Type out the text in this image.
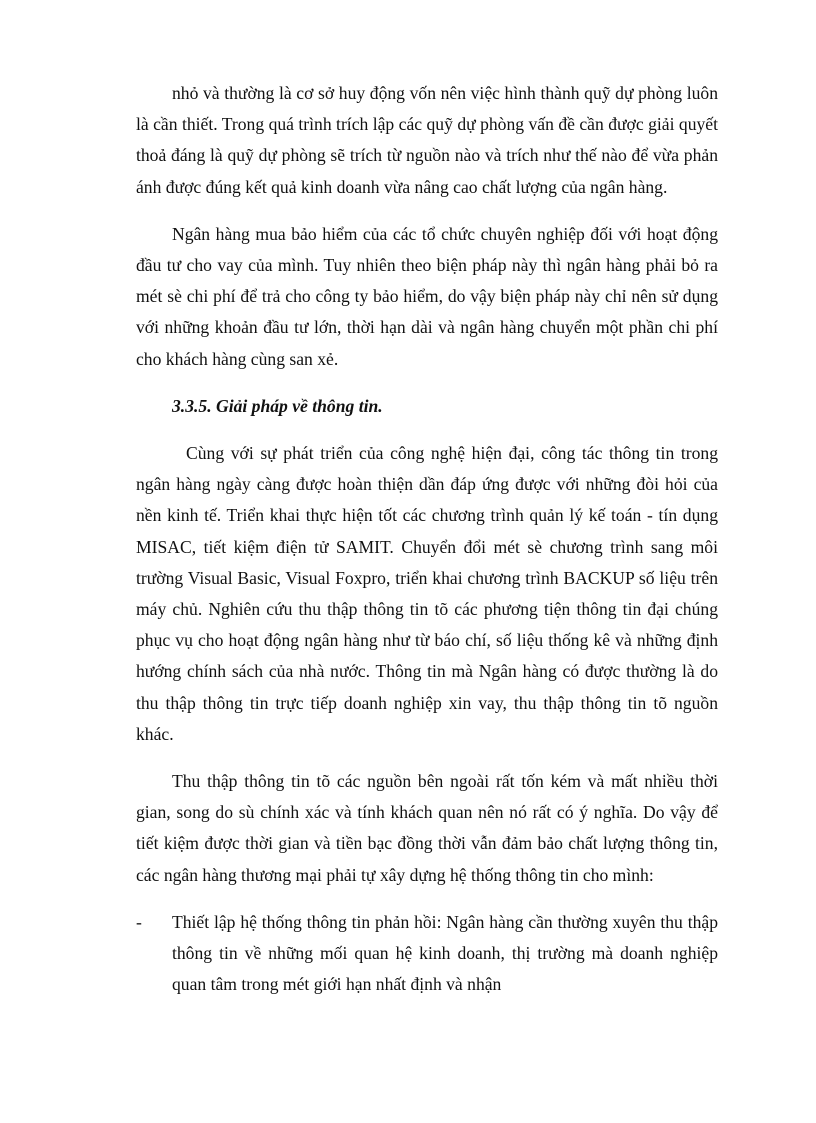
nhỏ và thường là cơ sở huy động vốn nên việc hình thành quỹ dự phòng luôn là cần thiết. Trong quá trình trích lập các quỹ dự phòng vấn đề cần được giải quyết thoả đáng là quỹ dự phòng sẽ trích từ nguồn nào và trích như thế nào để vừa phản ánh được đúng kết quả kinh doanh vừa nâng cao chất lượng của ngân hàng.

Ngân hàng mua bảo hiểm của các tổ chức chuyên nghiệp đối với hoạt động đầu tư cho vay của mình. Tuy nhiên theo biện pháp này thì ngân hàng phải bỏ ra mét sè chi phí để trả cho công ty bảo hiểm, do vậy biện pháp này chỉ nên sử dụng với những khoản đầu tư lớn, thời hạn dài và ngân hàng chuyển một phần chi phí cho khách hàng cùng san xẻ.

3.3.5. Giải pháp về thông tin.

Cùng với sự phát triển của công nghệ hiện đại, công tác thông tin trong ngân hàng ngày càng được hoàn thiện dần đáp ứng được với những đòi hỏi của nền kinh tế. Triển khai thực hiện tốt các chương trình quản lý kế toán - tín dụng MISAC, tiết kiệm điện tử SAMIT. Chuyển đổi mét sè chương trình sang môi trường Visual Basic, Visual Foxpro, triển khai chương trình BACKUP số liệu trên máy chủ. Nghiên cứu thu thập thông tin tõ các phương tiện thông tin đại chúng phục vụ cho hoạt động ngân hàng như từ báo chí, số liệu thống kê và những định hướng chính sách của nhà nước. Thông tin mà Ngân hàng có được thường là do thu thập thông tin trực tiếp doanh nghiệp xin vay, thu thập thông tin tõ nguồn khác.

Thu thập thông tin tõ các nguồn bên ngoài rất tốn kém và mất nhiều thời gian, song do sù chính xác và tính khách quan nên nó rất có ý nghĩa. Do vậy để tiết kiệm được thời gian và tiền bạc đồng thời vẫn đảm bảo chất lượng thông tin, các ngân hàng thương mại phải tự xây dựng hệ thống thông tin cho mình:

- Thiết lập hệ thống thông tin phản hồi: Ngân hàng cần thường xuyên thu thập thông tin về những mối quan hệ kinh doanh, thị trường mà doanh nghiệp quan tâm trong mét giới hạn nhất định và nhận
